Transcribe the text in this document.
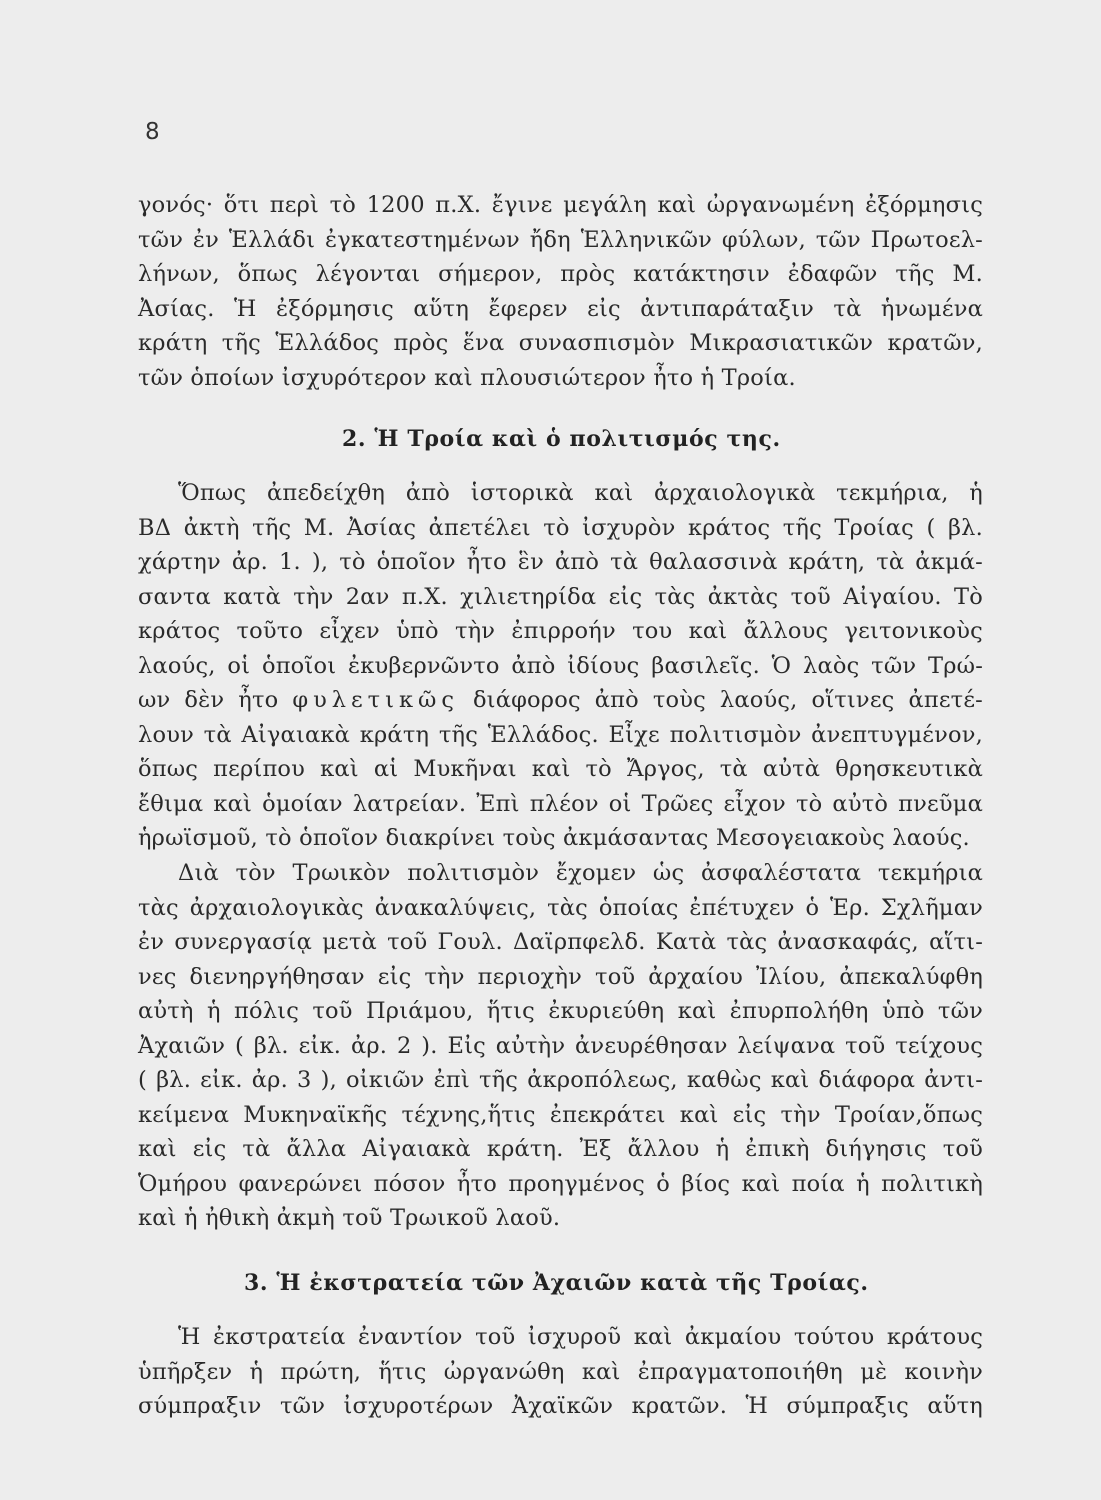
8
γονός· ὅτι περὶ τὸ 1200 π.Χ. ἔγινε μεγάλη καὶ ὠργανωμένη ἐξόρμησις
τῶν ἐν Ἑλλάδι ἐγκατεστημένων ἤδη Ἑλληνικῶν φύλων, τῶν Πρωτοελ-
λήνων, ὅπως λέγονται σήμερον, πρὸς κατάκτησιν ἐδαφῶν τῆς Μ.
Ἀσίας. Ἡ ἐξόρμησις αὕτη ἔφερεν εἰς ἀντιπαράταξιν τὰ ἡνωμένα
κράτη τῆς Ἑλλάδος πρὸς ἕνα συνασπισμὸν Μικρασιατικῶν κρατῶν,
τῶν ὁποίων ἰσχυρότερον καὶ πλουσιώτερον ἦτο ἡ Τροία.
2. Ἡ Τροία καὶ ὁ πολιτισμός της.
Ὅπως ἀπεδείχθη ἀπὸ ἱστορικὰ καὶ ἀρχαιολογικὰ τεκμήρια, ἡ
ΒΔ ἀκτὴ τῆς Μ. Ἀσίας ἀπετέλει τὸ ἰσχυρὸν κράτος τῆς Τροίας ( βλ.
χάρτην ἀρ. 1. ), τὸ ὁποῖον ἦτο ἓν ἀπὸ τὰ θαλασσινὰ κράτη, τὰ ἀκμά-
σαντα κατὰ τὴν 2αν π.Χ. χιλιετηρίδα εἰς τὰς ἀκτὰς τοῦ Αἰγαίου. Τὸ
κράτος τοῦτο εἶχεν ὑπὸ τὴν ἐπιρροήν του καὶ ἄλλους γειτονικοὺς
λαούς, οἱ ὁποῖοι ἐκυβερνῶντο ἀπὸ ἰδίους βασιλεῖς. Ὁ λαὸς τῶν Τρώ-
ων δὲν ἦτο φυλετικῶς διάφορος ἀπὸ τοὺς λαούς, οἵτινες ἀπετέ-
λουν τὰ Αἰγαιακὰ κράτη τῆς Ἑλλάδος. Εἶχε πολιτισμὸν ἀνεπτυγμένον,
ὅπως περίπου καὶ αἱ Μυκῆναι καὶ τὸ Ἄργος, τὰ αὐτὰ θρησκευτικὰ
ἔθιμα καὶ ὁμοίαν λατρείαν. Ἐπὶ πλέον οἱ Τρῶες εἶχον τὸ αὐτὸ πνεῦμα
ἡρωϊσμοῦ, τὸ ὁποῖον διακρίνει τοὺς ἀκμάσαντας Μεσογειακοὺς λαούς.
Διὰ τὸν Τρωικὸν πολιτισμὸν ἔχομεν ὡς ἀσφαλέστατα τεκμήρια
τὰς ἀρχαιολογικὰς ἀνακαλύψεις, τὰς ὁποίας ἐπέτυχεν ὁ Ἑρ. Σχλῆμαν
ἐν συνεργασίᾳ μετὰ τοῦ Γουλ. Δαϊρπφελδ. Κατὰ τὰς ἀνασκαφάς, αἵτι-
νες διενηργήθησαν εἰς τὴν περιοχὴν τοῦ ἀρχαίου Ἰλίου, ἀπεκαλύφθη
αὐτὴ ἡ πόλις τοῦ Πριάμου, ἥτις ἐκυριεύθη καὶ ἐπυρπολήθη ὑπὸ τῶν
Ἀχαιῶν ( βλ. εἰκ. ἀρ. 2 ). Εἰς αὐτὴν ἀνευρέθησαν λείψανα τοῦ τείχους
( βλ. εἰκ. ἀρ. 3 ), οἰκιῶν ἐπὶ τῆς ἀκροπόλεως, καθὼς καὶ διάφορα ἀντι-
κείμενα Μυκηναϊκῆς τέχνης,ἥτις ἐπεκράτει καὶ εἰς τὴν Τροίαν,ὅπως
καὶ εἰς τὰ ἄλλα Αἰγαιακὰ κράτη. Ἐξ ἄλλου ἡ ἐπικὴ διήγησις τοῦ
Ὁμήρου φανερώνει πόσον ἦτο προηγμένος ὁ βίος καὶ ποία ἡ πολιτικὴ
καὶ ἡ ἠθικὴ ἀκμὴ τοῦ Τρωικοῦ λαοῦ.
3. Ἡ ἐκστρατεία τῶν Ἀχαιῶν κατὰ τῆς Τροίας.
Ἡ ἐκστρατεία ἐναντίον τοῦ ἰσχυροῦ καὶ ἀκμαίου τούτου κράτους
ὑπῆρξεν ἡ πρώτη, ἥτις ὠργανώθη καὶ ἐπραγματοποιήθη μὲ κοινὴν
σύμπραξιν τῶν ἰσχυροτέρων Ἀχαϊκῶν κρατῶν. Ἡ σύμπραξις αὕτη
